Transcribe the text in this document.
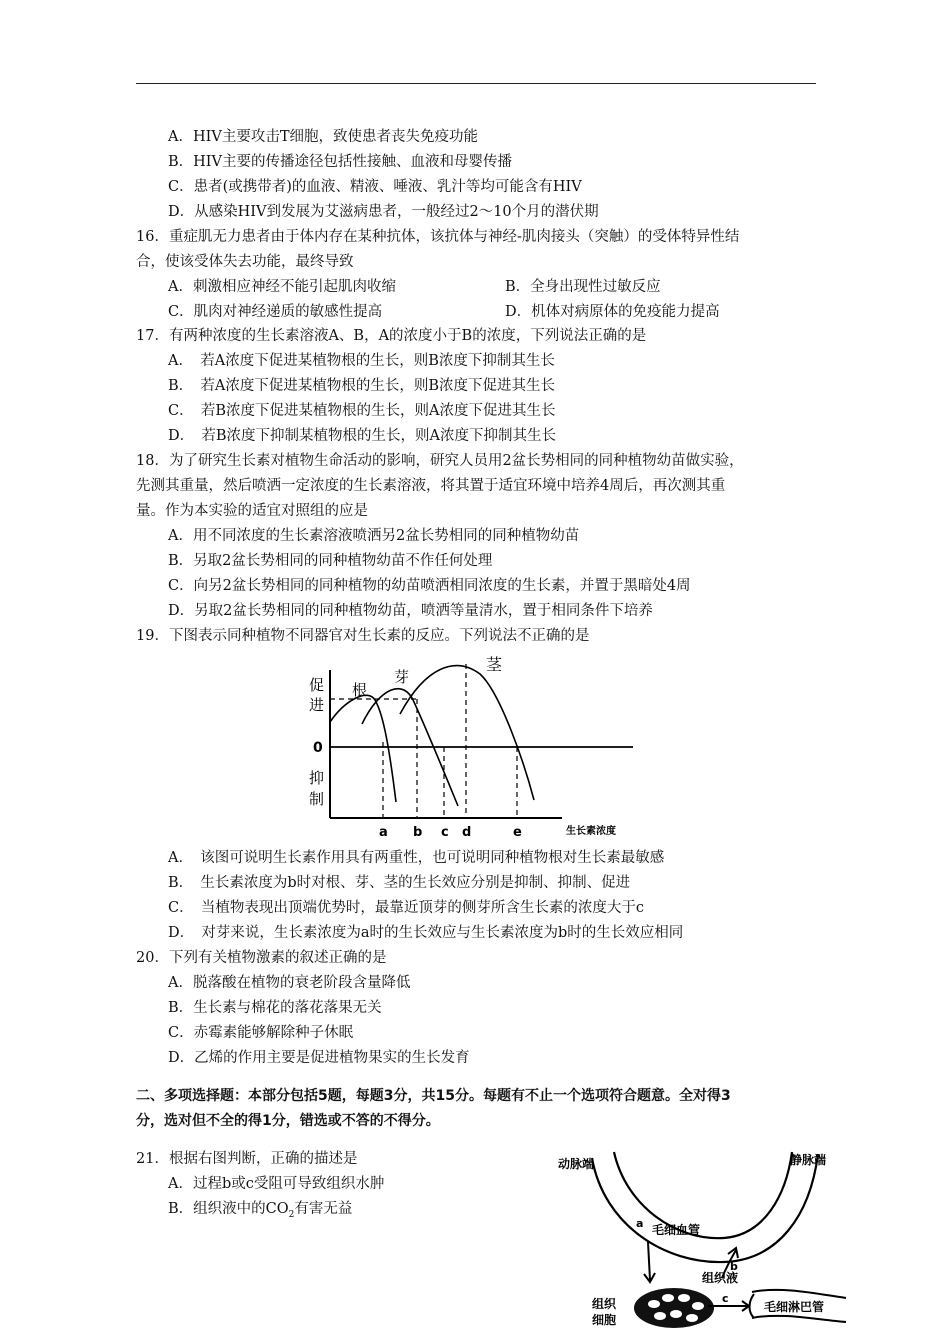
A．HIV主要攻击T细胞，致使患者丧失免疫功能
B．HIV主要的传播途径包括性接触、血液和母婴传播
C．患者(或携带者)的血液、精液、唾液、乳汁等均可能含有HIV
D．从感染HIV到发展为艾滋病患者，一般经过2～10个月的潜伏期
16．重症肌无力患者由于体内存在某种抗体，该抗体与神经-肌肉接头（突触）的受体特异性结
合，使该受体失去功能，最终导致
A．刺激相应神经不能引起肌肉收缩	B．全身出现性过敏反应
C．肌肉对神经递质的敏感性提高	D．机体对病原体的免疫能力提高
17．有两种浓度的生长素溶液A、B，A的浓度小于B的浓度，下列说法正确的是
A．　若A浓度下促进某植物根的生长，则B浓度下抑制其生长
B．　若A浓度下促进某植物根的生长，则B浓度下促进其生长
C．　若B浓度下促进某植物根的生长，则A浓度下促进其生长
D．　若B浓度下抑制某植物根的生长，则A浓度下抑制其生长
18．为了研究生长素对植物生命活动的影响，研究人员用2盆长势相同的同种植物幼苗做实验，
先测其重量，然后喷洒一定浓度的生长素溶液，将其置于适宜环境中培养4周后，再次测其重
量。作为本实验的适宜对照组的应是
A．用不同浓度的生长素溶液喷洒另2盆长势相同的同种植物幼苗
B．另取2盆长势相同的同种植物幼苗不作任何处理
C．向另2盆长势相同的同种植物的幼苗喷洒相同浓度的生长素，并置于黑暗处4周
D．另取2盆长势相同的同种植物幼苗，喷洒等量清水，置于相同条件下培养
19．下图表示同种植物不同器官对生长素的反应。下列说法不正确的是
促
进
0
抑
制
根
芽
茎
a b c d	e	生长素浓度
A．　该图可说明生长素作用具有两重性，也可说明同种植物根对生长素最敏感
B．　生长素浓度为b时对根、芽、茎的生长效应分别是抑制、抑制、促进
C．　当植物表现出顶端优势时，最靠近顶芽的侧芽所含生长素的浓度大于c
D．　对芽来说，生长素浓度为a时的生长效应与生长素浓度为b时的生长效应相同
20．下列有关植物激素的叙述正确的是
A．脱落酸在植物的衰老阶段含量降低
B．生长素与棉花的落花落果无关
C．赤霉素能够解除种子休眠
D．乙烯的作用主要是促进植物果实的生长发育
二、多项选择题：本部分包括5题，每题3分，共15分。每题有不止一个选项符合题意。全对得3
分，选对但不全的得1分，错选或不答的不得分。
21．根据右图判断，正确的描述是
A．过程b或c受阻可导致组织水肿
B．组织液中的$CO_2$有害无益
动脉端	静脉端
毛细血管
a
b
组织液
组织
细胞
c
毛细淋巴管
